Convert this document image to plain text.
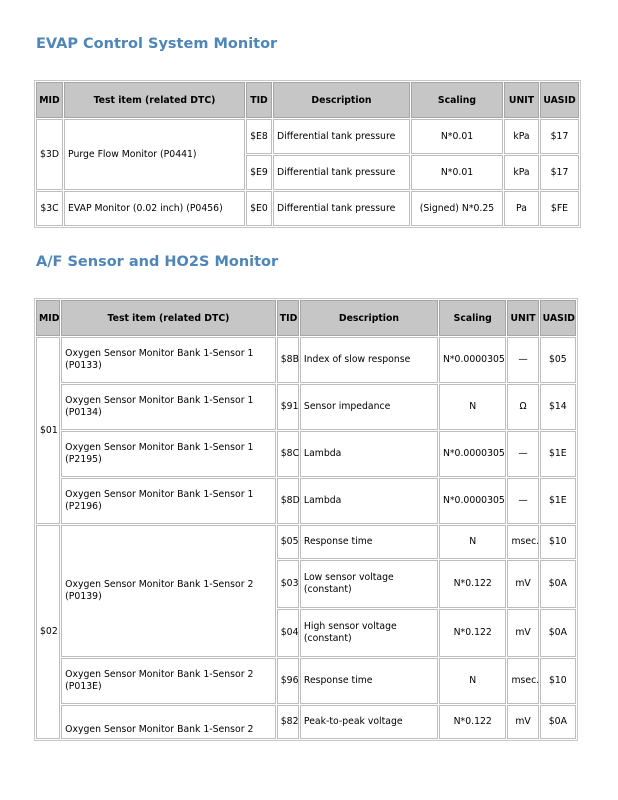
EVAP Control System Monitor
MID	Test item (related DTC)	TID	Description	Scaling	UNIT	UASID
$3D	Purge Flow Monitor (P0441)	$E8	Differential tank pressure	N*0.01	kPa	$17
		$E9	Differential tank pressure	N*0.01	kPa	$17
$3C	EVAP Monitor (0.02 inch) (P0456)	$E0	Differential tank pressure	(Signed) N*0.25	Pa	$FE
A/F Sensor and HO2S Monitor
MID	Test item (related DTC)	TID	Description	Scaling	UNIT	UASID
$01	Oxygen Sensor Monitor Bank 1-Sensor 1 (P0133)	$8B	Index of slow response	N*0.0000305	—	$05
	Oxygen Sensor Monitor Bank 1-Sensor 1 (P0134)	$91	Sensor impedance	N	Ω	$14
	Oxygen Sensor Monitor Bank 1-Sensor 1 (P2195)	$8C	Lambda	N*0.0000305	—	$1E
	Oxygen Sensor Monitor Bank 1-Sensor 1 (P2196)	$8D	Lambda	N*0.0000305	—	$1E
$02	Oxygen Sensor Monitor Bank 1-Sensor 2 (P0139)	$05	Response time	N	msec.	$10
		$03	Low sensor voltage (constant)	N*0.122	mV	$0A
		$04	High sensor voltage (constant)	N*0.122	mV	$0A
	Oxygen Sensor Monitor Bank 1-Sensor 2 (P013E)	$96	Response time	N	msec.	$10
	Oxygen Sensor Monitor Bank 1-Sensor 2	$82	Peak-to-peak voltage	N*0.122	mV	$0A
